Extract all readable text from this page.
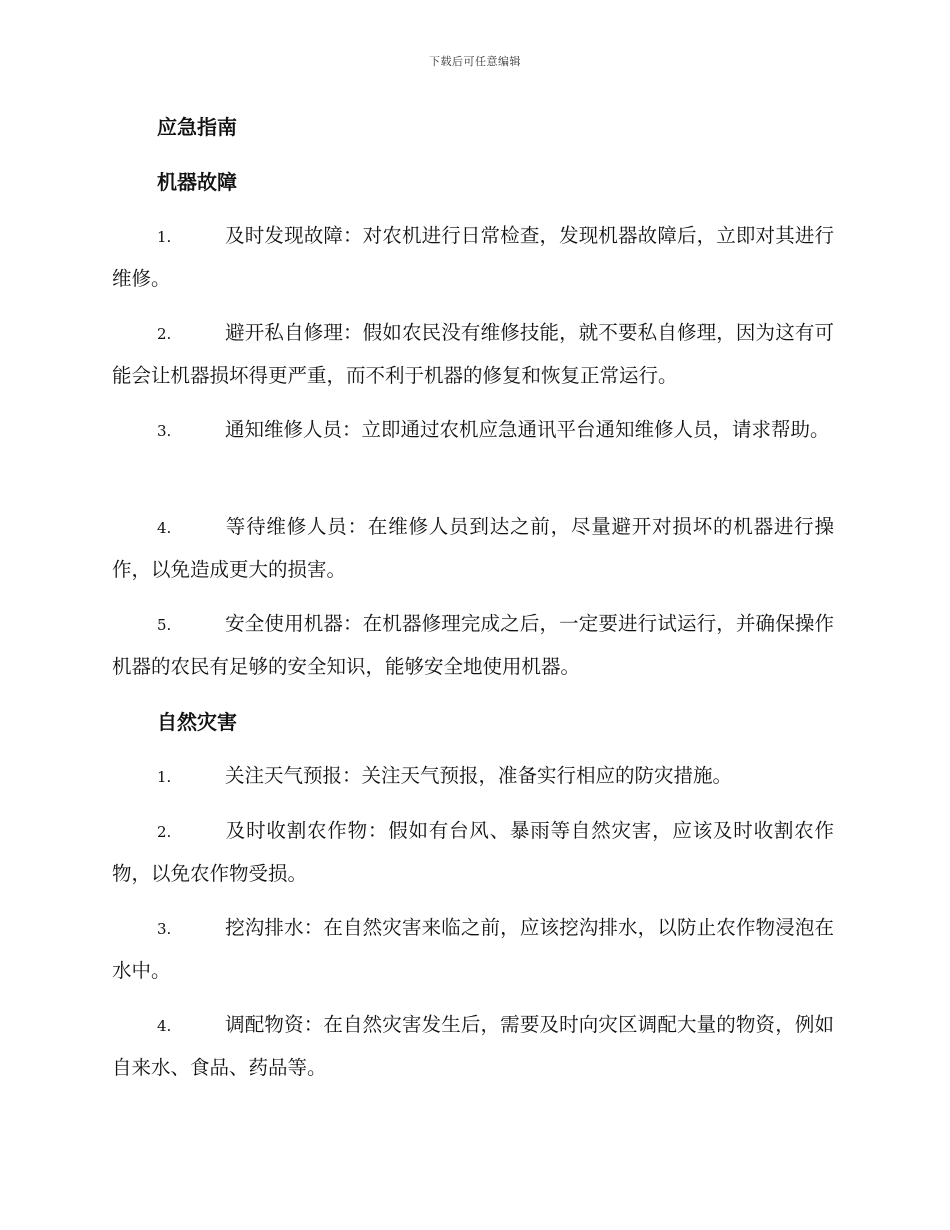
下载后可任意编辑
应急指南
机器故障
1.	及时发现故障：对农机进行日常检查，发现机器故障后，立即对其进行维修。
2.	避开私自修理：假如农民没有维修技能，就不要私自修理，因为这有可能会让机器损坏得更严重，而不利于机器的修复和恢复正常运行。
3.	通知维修人员：立即通过农机应急通讯平台通知维修人员，请求帮助。
4.	等待维修人员：在维修人员到达之前，尽量避开对损坏的机器进行操作，以免造成更大的损害。
5.	安全使用机器：在机器修理完成之后，一定要进行试运行，并确保操作机器的农民有足够的安全知识，能够安全地使用机器。
自然灾害
1.	关注天气预报：关注天气预报，准备实行相应的防灾措施。
2.	及时收割农作物：假如有台风、暴雨等自然灾害，应该及时收割农作物，以免农作物受损。
3.	挖沟排水：在自然灾害来临之前，应该挖沟排水，以防止农作物浸泡在水中。
4.	调配物资：在自然灾害发生后，需要及时向灾区调配大量的物资，例如自来水、食品、药品等。
